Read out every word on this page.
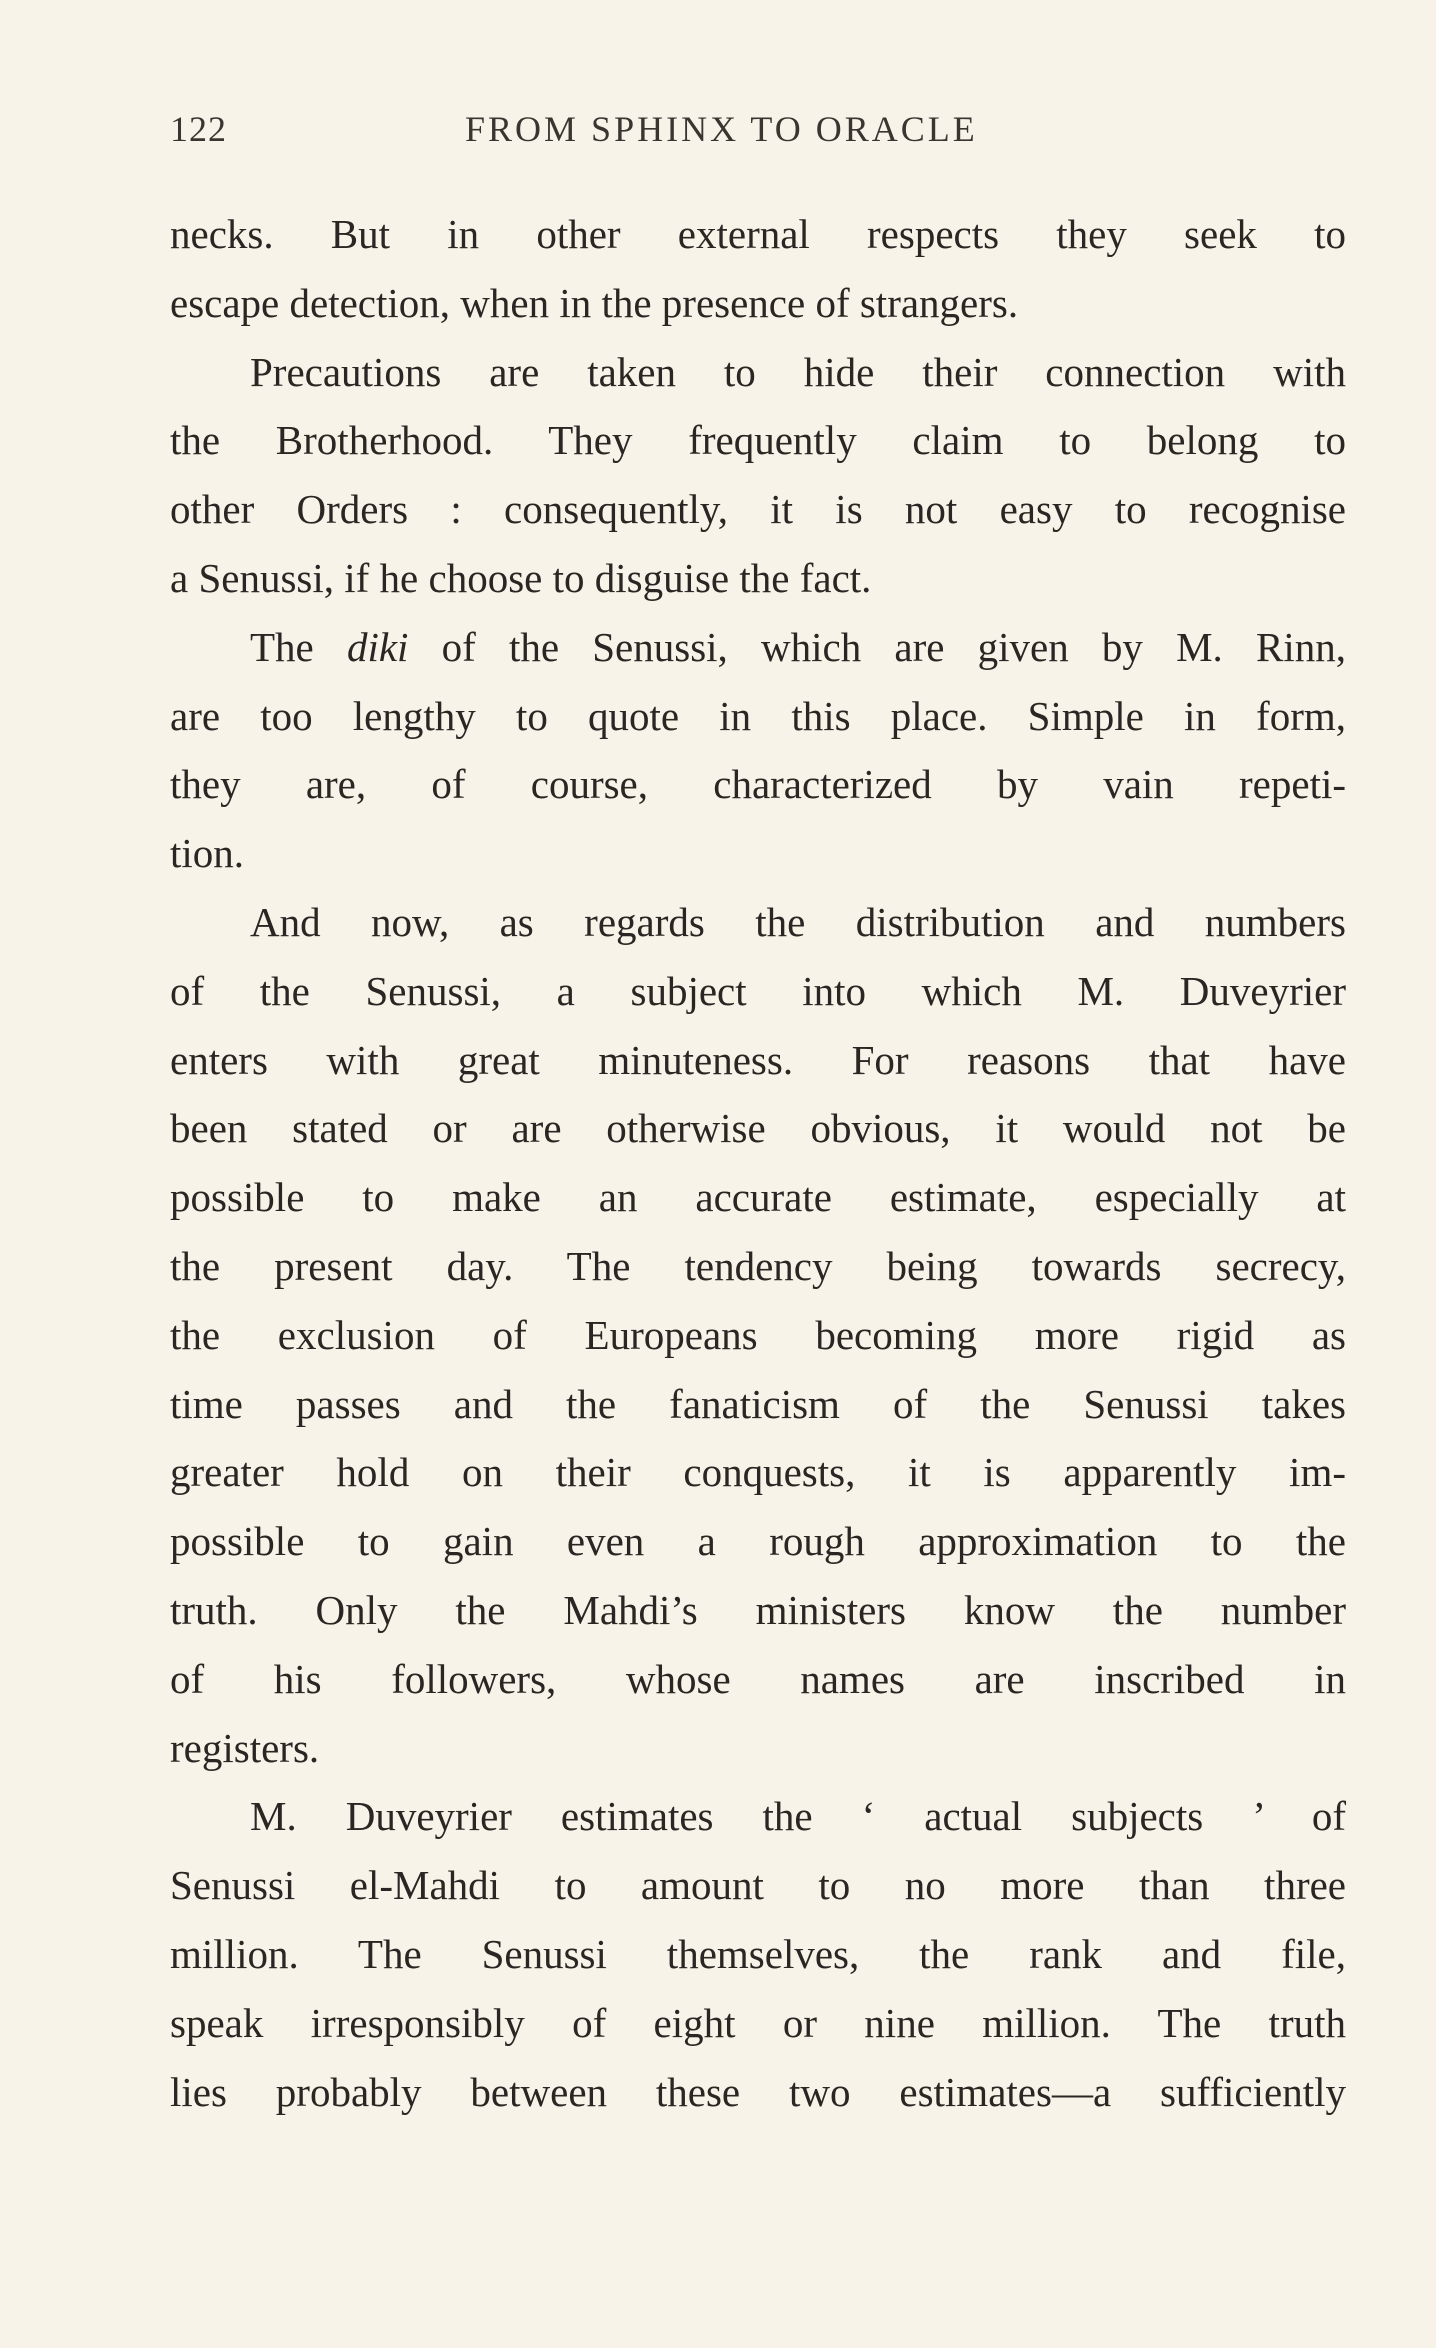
122	FROM SPHINX TO ORACLE
necks. But in other external respects they seek to
escape detection, when in the presence of strangers.
Precautions are taken to hide their connection with
the Brotherhood. They frequently claim to belong to
other Orders : consequently, it is not easy to recognise
a Senussi, if he choose to disguise the fact.
The diki of the Senussi, which are given by M. Rinn,
are too lengthy to quote in this place. Simple in form,
they are, of course, characterized by vain repeti-
tion.
And now, as regards the distribution and numbers
of the Senussi, a subject into which M. Duveyrier
enters with great minuteness. For reasons that have
been stated or are otherwise obvious, it would not be
possible to make an accurate estimate, especially at
the present day. The tendency being towards secrecy,
the exclusion of Europeans becoming more rigid as
time passes and the fanaticism of the Senussi takes
greater hold on their conquests, it is apparently im-
possible to gain even a rough approximation to the
truth. Only the Mahdi’s ministers know the number
of his followers, whose names are inscribed in
registers.
M. Duveyrier estimates the ‘ actual subjects ’ of
Senussi el-Mahdi to amount to no more than three
million. The Senussi themselves, the rank and file,
speak irresponsibly of eight or nine million. The truth
lies probably between these two estimates—a sufficiently
